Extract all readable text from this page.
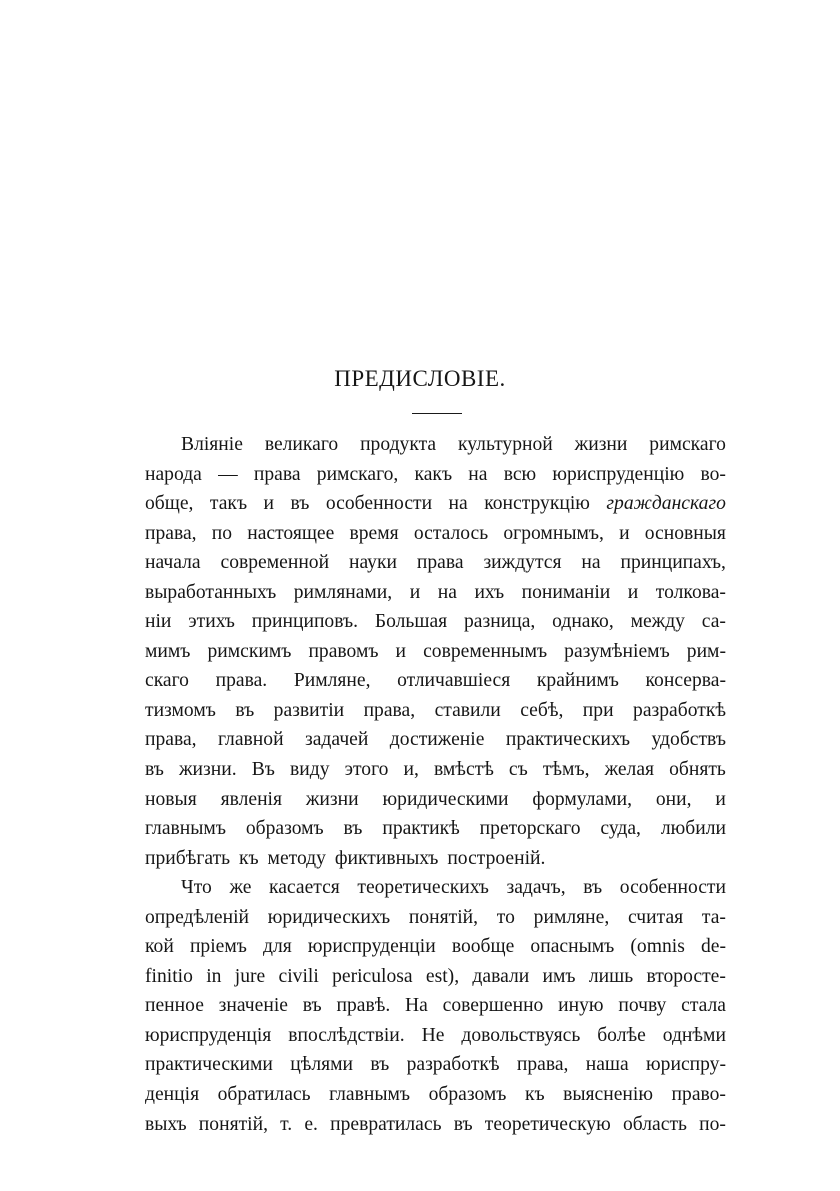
ПРЕДИСЛОВІЕ.
Вліяніе великаго продукта культурной жизни римскаго
народа — права римскаго, какъ на всю юриспруденцію во-
обще, такъ и въ особенности на конструкцію гражданскаго
права, по настоящее время осталось огромнымъ, и основныя
начала современной науки права зиждутся на принципахъ,
выработанныхъ римлянами, и на ихъ пониманіи и толкова-
ніи этихъ принциповъ. Большая разница, однако, между са-
мимъ римскимъ правомъ и современнымъ разумѣніемъ рим-
скаго права. Римляне, отличавшіеся крайнимъ консерва-
тизмомъ въ развитіи права, ставили себѣ, при разработкѣ
права, главной задачей достиженіе практическихъ удобствъ
въ жизни. Въ виду этого и, вмѣстѣ съ тѣмъ, желая обнять
новыя явленія жизни юридическими формулами, они, и
главнымъ образомъ въ практикѣ преторскаго суда, любили
прибѣгать къ методу фиктивныхъ построеній.
Что же касается теоретическихъ задачъ, въ особенности
опредѣленій юридическихъ понятій, то римляне, считая та-
кой пріемъ для юриспруденціи вообще опаснымъ (omnis de-
finitio in jure civili periculosa est), давали имъ лишь второсте-
пенное значеніе въ правѣ. На совершенно иную почву стала
юриспруденція впослѣдствіи. Не довольствуясь болѣе однѣми
практическими цѣлями въ разработкѣ права, наша юриспру-
денція обратилась главнымъ образомъ къ выясненію право-
выхъ понятій, т. е. превратилась въ теоретическую область по-
